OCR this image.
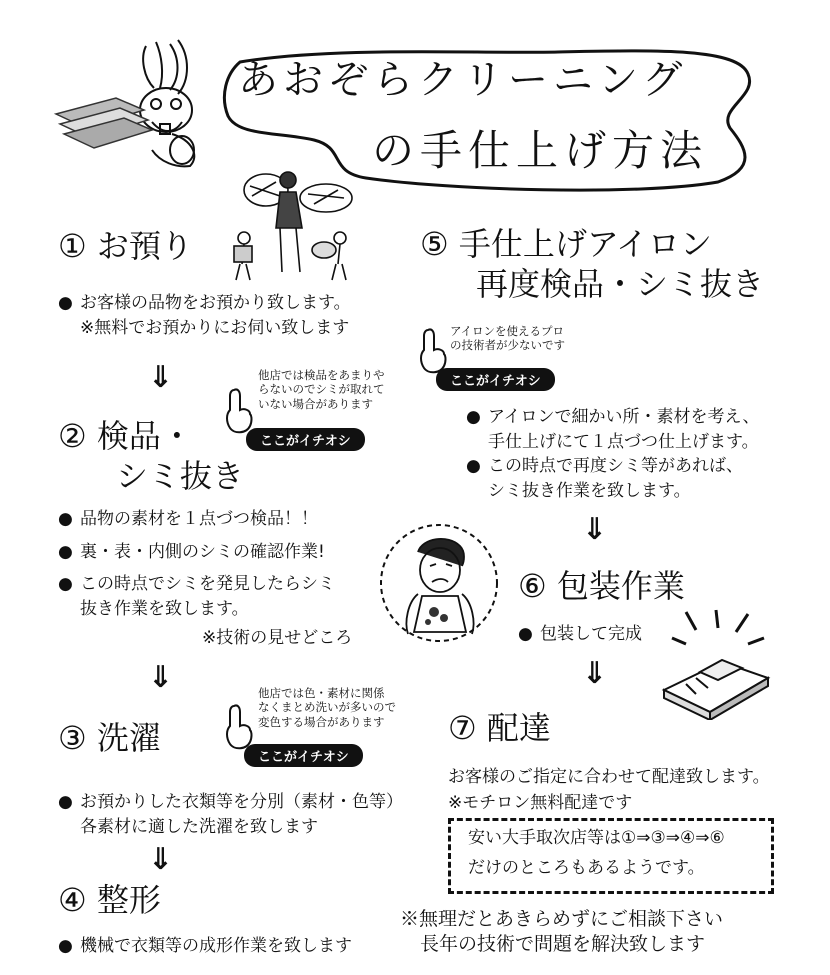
あおぞらクリーニング
の手仕上げ方法
① お預り
● お客様の品物をお預かり致します。
※無料でお預かりにお伺い致します
⇓	他店では検品をあまりや
らないのでシミが取れて
いない場合があります
ここがイチオシ
② 検品・
シミ抜き
● 品物の素材を１点づつ検品！！
● 裏・表・内側のシミの確認作業!
● この時点でシミを発見したらシミ
抜き作業を致します。
※技術の見せどころ
⇓	他店では色・素材に関係
なくまとめ洗いが多いので
変色する場合があります
ここがイチオシ
③ 洗濯
● お預かりした衣類等を分別（素材・色等）
各素材に適した洗濯を致します
⇓
④ 整形
● 機械で衣類等の成形作業を致します
⑤ 手仕上げアイロン
再度検品・シミ抜き
アイロンを使えるプロ
の技術者が少ないです
ここがイチオシ
● アイロンで細かい所・素材を考え、
手仕上げにて１点づつ仕上げます。
● この時点で再度シミ等があれば、
シミ抜き作業を致します。
⇓
⑥ 包装作業
● 包装して完成
⇓
⑦ 配達
お客様のご指定に合わせて配達致します。
※モチロン無料配達です
安い大手取次店等は①⇒③⇒④⇒⑥
だけのところもあるようです。
※無理だとあきらめずにご相談下さい
長年の技術で問題を解決致します
